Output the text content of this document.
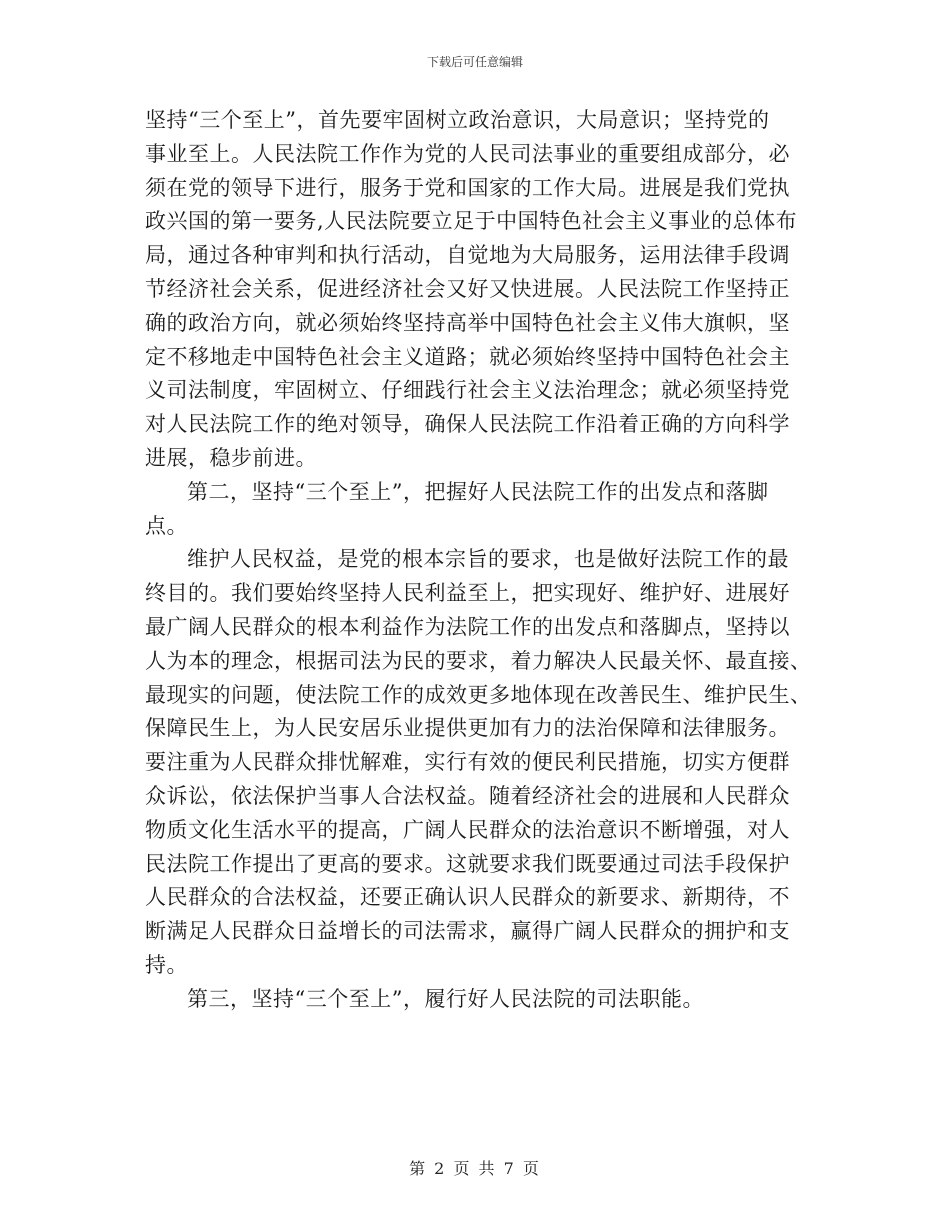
下载后可任意编辑
坚持“三个至上”，首先要牢固树立政治意识，大局意识；坚持党的
事业至上。人民法院工作作为党的人民司法事业的重要组成部分，必
须在党的领导下进行，服务于党和国家的工作大局。进展是我们党执
政兴国的第一要务,人民法院要立足于中国特色社会主义事业的总体布
局，通过各种审判和执行活动，自觉地为大局服务，运用法律手段调
节经济社会关系，促进经济社会又好又快进展。人民法院工作坚持正
确的政治方向，就必须始终坚持高举中国特色社会主义伟大旗帜，坚
定不移地走中国特色社会主义道路；就必须始终坚持中国特色社会主
义司法制度，牢固树立、仔细践行社会主义法治理念；就必须坚持党
对人民法院工作的绝对领导，确保人民法院工作沿着正确的方向科学
进展，稳步前进。
第二，坚持“三个至上”，把握好人民法院工作的出发点和落脚
点。
维护人民权益，是党的根本宗旨的要求，也是做好法院工作的最
终目的。我们要始终坚持人民利益至上，把实现好、维护好、进展好
最广阔人民群众的根本利益作为法院工作的出发点和落脚点，坚持以
人为本的理念，根据司法为民的要求，着力解决人民最关怀、最直接、
最现实的问题，使法院工作的成效更多地体现在改善民生、维护民生、
保障民生上，为人民安居乐业提供更加有力的法治保障和法律服务。
要注重为人民群众排忧解难，实行有效的便民利民措施，切实方便群
众诉讼，依法保护当事人合法权益。随着经济社会的进展和人民群众
物质文化生活水平的提高，广阔人民群众的法治意识不断增强，对人
民法院工作提出了更高的要求。这就要求我们既要通过司法手段保护
人民群众的合法权益，还要正确认识人民群众的新要求、新期待，不
断满足人民群众日益增长的司法需求，赢得广阔人民群众的拥护和支
持。
第三，坚持“三个至上”，履行好人民法院的司法职能。
第 2 页 共 7 页
